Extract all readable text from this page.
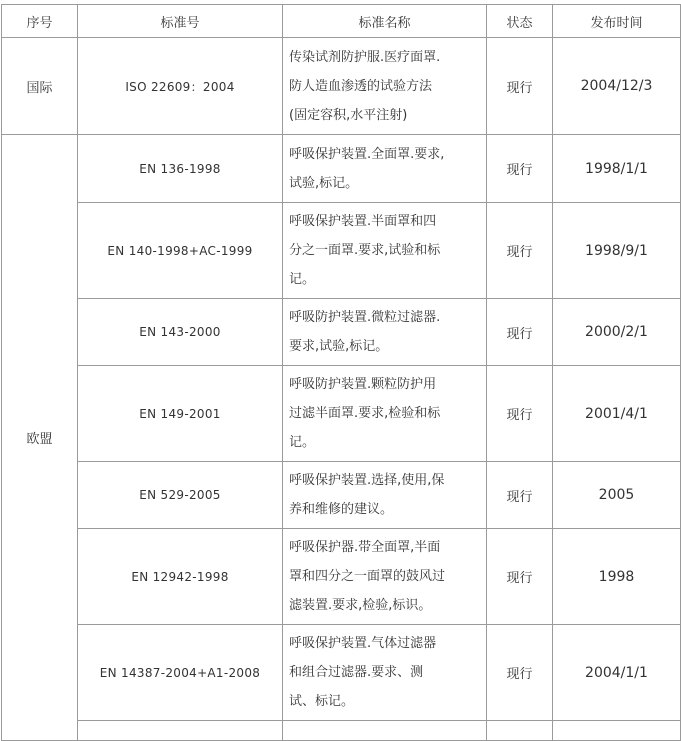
序号	标准号	标准名称	状态	发布时间
国际	ISO 22609：2004	传染试剂防护服.医疗面罩.
防人造血渗透的试验方法
(固定容积,水平注射)	现行	2004/12/3
欧盟	EN 136-1998	呼吸保护装置.全面罩.要求,
试验,标记。	现行	1998/1/1
	EN 140-1998+AC-1999	呼吸保护装置.半面罩和四
分之一面罩.要求,试验和标
记。	现行	1998/9/1
	EN 143-2000	呼吸防护装置.微粒过滤器.
要求,试验,标记。	现行	2000/2/1
	EN 149-2001	呼吸防护装置.颗粒防护用
过滤半面罩.要求,检验和标
记。	现行	2001/4/1
	EN 529-2005	呼吸保护装置.选择,使用,保
养和维修的建议。	现行	2005
	EN 12942-1998	呼吸保护器.带全面罩,半面
罩和四分之一面罩的鼓风过
滤装置.要求,检验,标识。	现行	1998
	EN 14387-2004+A1-2008	呼吸保护装置.气体过滤器
和组合过滤器.要求、测
试、标记。	现行	2004/1/1
